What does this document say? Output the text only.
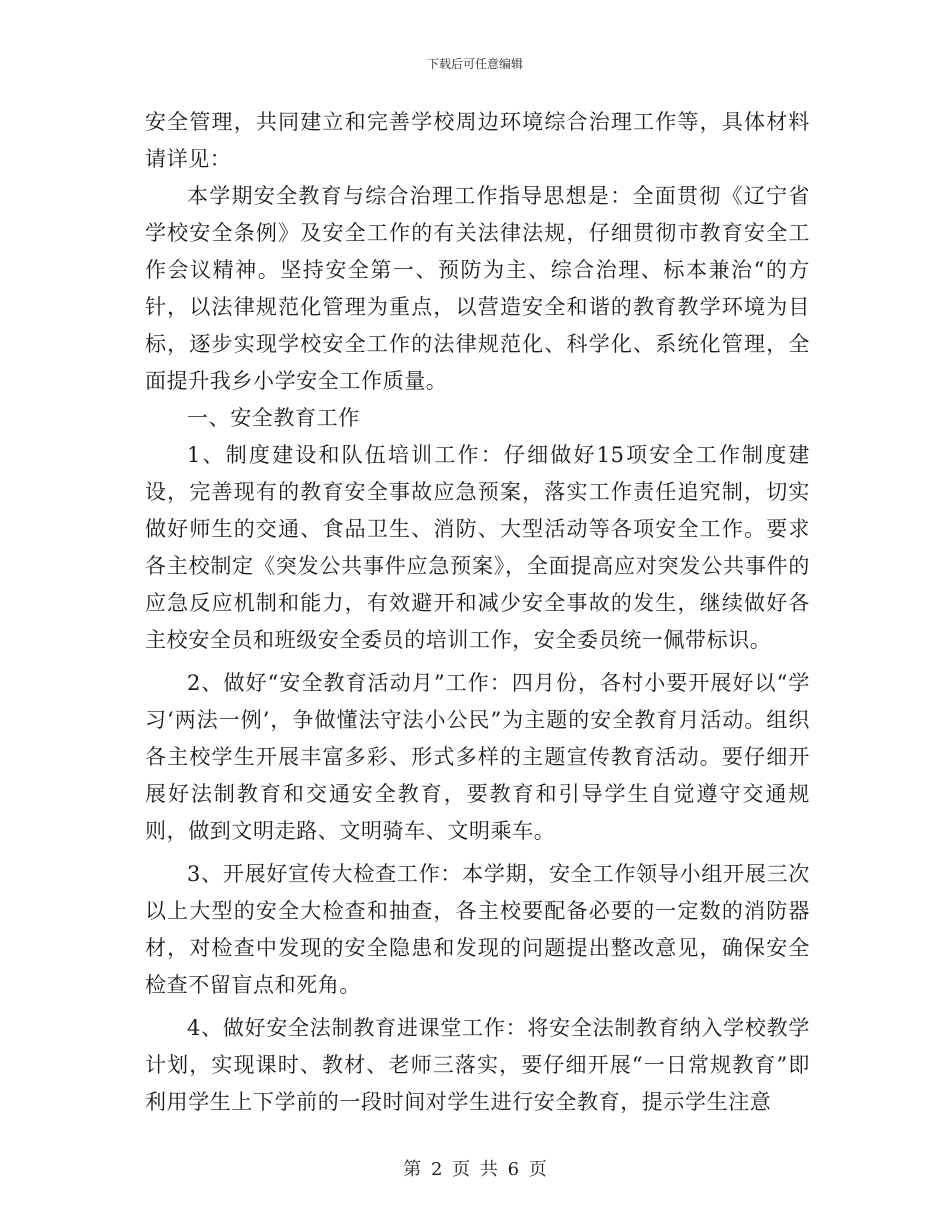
下载后可任意编辑

安全管理，共同建立和完善学校周边环境综合治理工作等，具体材料请详见：

本学期安全教育与综合治理工作指导思想是：全面贯彻《辽宁省学校安全条例》及安全工作的有关法律法规，仔细贯彻市教育安全工作会议精神。坚持安全第一、预防为主、综合治理、标本兼治“的方针，以法律规范化管理为重点，以营造安全和谐的教育教学环境为目标，逐步实现学校安全工作的法律规范化、科学化、系统化管理，全面提升我乡小学安全工作质量。

一、安全教育工作

1、制度建设和队伍培训工作：仔细做好15项安全工作制度建设，完善现有的教育安全事故应急预案，落实工作责任追究制，切实做好师生的交通、食品卫生、消防、大型活动等各项安全工作。要求各主校制定《突发公共事件应急预案》，全面提高应对突发公共事件的应急反应机制和能力，有效避开和减少安全事故的发生，继续做好各主校安全员和班级安全委员的培训工作，安全委员统一佩带标识。

2、做好“安全教育活动月”工作：四月份，各村小要开展好以“学习‘两法一例’，争做懂法守法小公民”为主题的安全教育月活动。组织各主校学生开展丰富多彩、形式多样的主题宣传教育活动。要仔细开展好法制教育和交通安全教育，要教育和引导学生自觉遵守交通规则，做到文明走路、文明骑车、文明乘车。

3、开展好宣传大检查工作：本学期，安全工作领导小组开展三次以上大型的安全大检查和抽查，各主校要配备必要的一定数的消防器材，对检查中发现的安全隐患和发现的问题提出整改意见，确保安全检查不留盲点和死角。

4、做好安全法制教育进课堂工作：将安全法制教育纳入学校教学计划，实现课时、教材、老师三落实，要仔细开展“一日常规教育”即利用学生上下学前的一段时间对学生进行安全教育，提示学生注意

第 2 页 共 6 页
